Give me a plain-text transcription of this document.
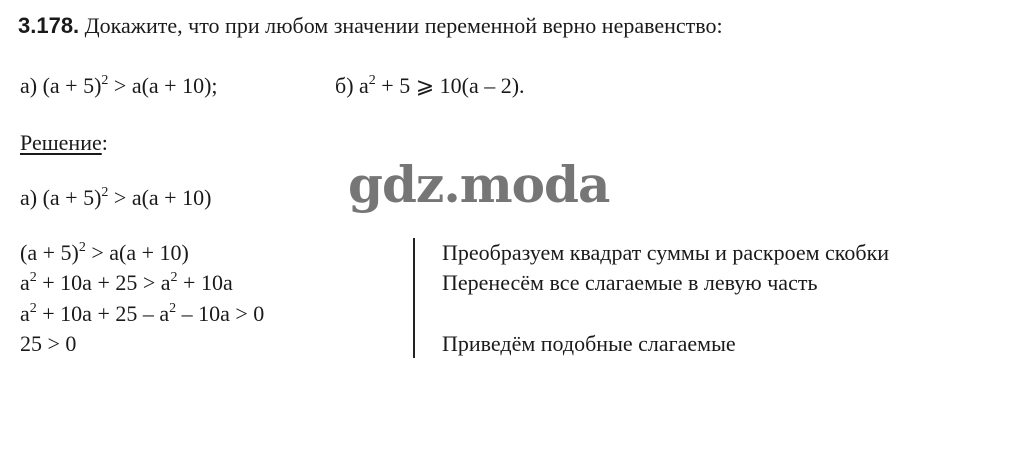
3.178. Докажите, что при любом значении переменной верно неравенство:
а) $(a + 5)^2 > a(a + 10)$;	б) $a^2 + 5$ ⩾ 10(a – 2).
Решение:
а) $(a + 5)^2 > a(a + 10)$	gdz.moda
$(a + 5)^2 > a(a + 10)$
$a^2 + 10a + 25 > a^2 + 10a$
$a^2 + 10a + 25 - a^2 - 10a > 0$
25 > 0
Преобразуем квадрат суммы и раскроем скобки
Перенесём все слагаемые в левую часть
Приведём подобные слагаемые
